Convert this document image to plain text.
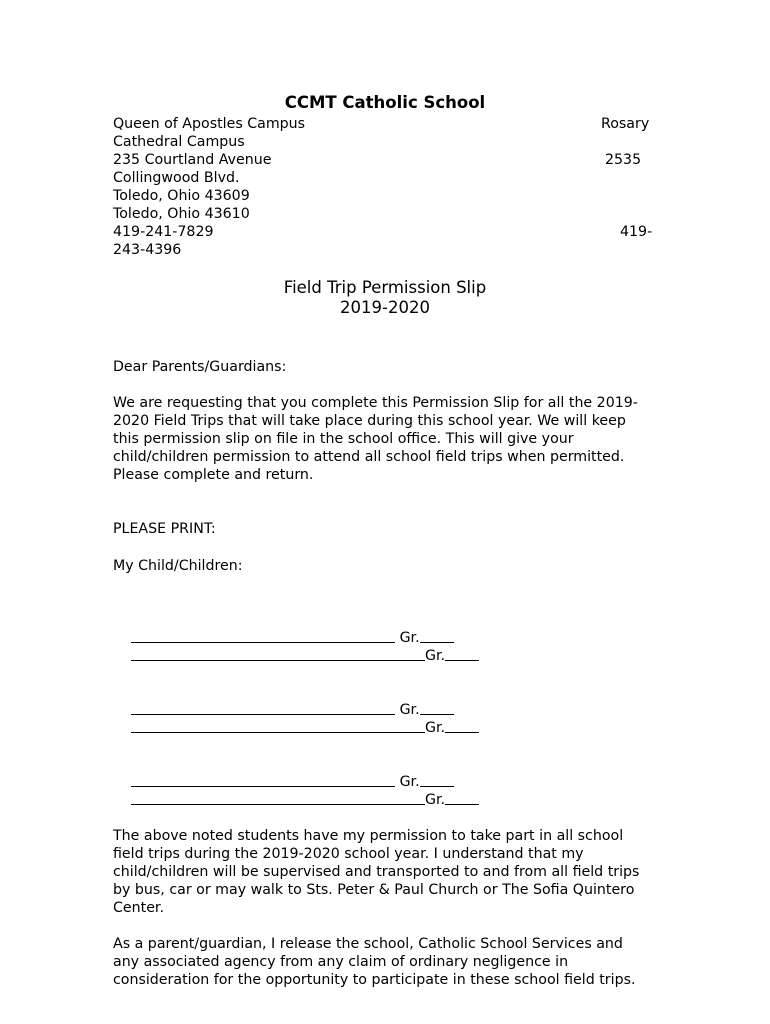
CCMT Catholic School
Queen of Apostles Campus	Rosary
Cathedral Campus
235 Courtland Avenue	2535
Collingwood Blvd.
Toledo, Ohio 43609
Toledo, Ohio 43610
419-241-7829	419-
243-4396
Field Trip Permission Slip
2019-2020
Dear Parents/Guardians:

We are requesting that you complete this Permission Slip for all the 2019-2020 Field Trips that will take place during this school year. We will keep this permission slip on file in the school office. This will give your child/children permission to attend all school field trips when permitted. Please complete and return.

PLEASE PRINT:
My Child/Children:

Gr.

Gr.

Gr.

Gr.

Gr.

Gr.

The above noted students have my permission to take part in all school field trips during the 2019-2020 school year. I understand that my child/children will be supervised and transported to and from all field trips by bus, car or may walk to Sts. Peter & Paul Church or The Sofia Quintero Center.

As a parent/guardian, I release the school, Catholic School Services and any associated agency from any claim of ordinary negligence in consideration for the opportunity to participate in these school field trips.
